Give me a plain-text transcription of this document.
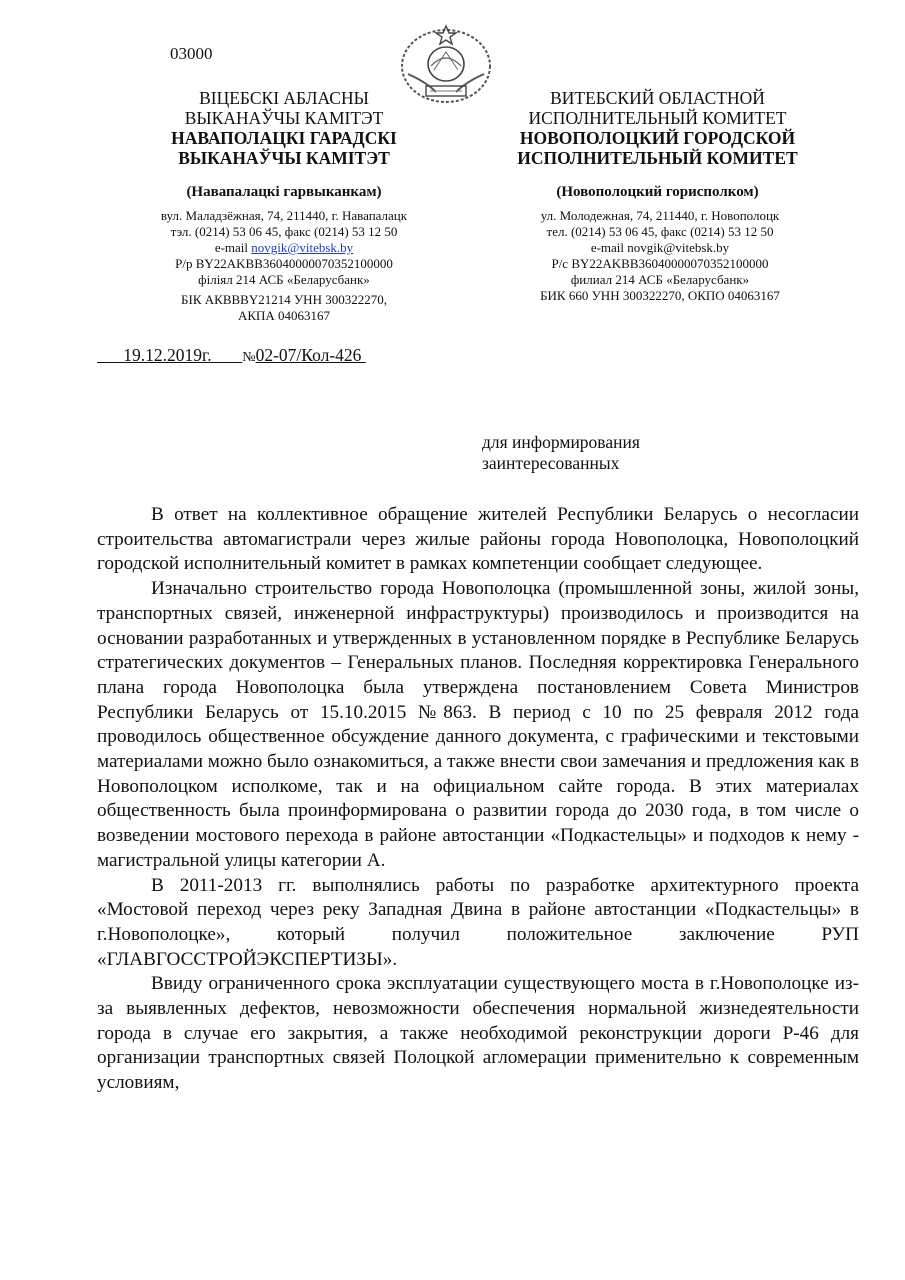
03000
ВІЦЕБСКІ АБЛАСНЫ
ВЫКАНАЎЧЫ КАМІТЭТ
НАВАПОЛАЦКІ ГАРАДСКІ
ВЫКАНАЎЧЫ КАМІТЭТ
(Навапалацкі гарвыканкам)
ВИТЕБСКИЙ ОБЛАСТНОЙ
ИСПОЛНИТЕЛЬНЫЙ КОМИТЕТ
НОВОПОЛОЦКИЙ ГОРОДСКОЙ
ИСПОЛНИТЕЛЬНЫЙ КОМИТЕТ
(Новополоцкий горисполком)
вул. Маладзёжная, 74, 211440, г. Навапалацк
тэл. (0214) 53 06 45, факс (0214) 53 12 50
e-mail novgik@vitebsk.by
Р/р BY22AKBB36040000070352100000
філіял 214 АСБ «Беларусбанк»
БІК АКВВВY21214 УНН 300322270,
АКПА 04063167
ул. Молодежная, 74, 211440, г. Новополоцк
тел. (0214) 53 06 45, факс (0214) 53 12 50
e-mail novgik@vitebsk.by
Р/с BY22AKBB36040000070352100000
филиал 214 АСБ «Беларусбанк»
БИК 660 УНН 300322270, ОКПО 04063167
19.12.2019г. №02-07/Кол-426
для информирования
заинтересованных

В ответ на коллективное обращение жителей Республики Беларусь о несогласии строительства автомагистрали через жилые районы города Новополоцка, Новополоцкий городской исполнительный комитет в рамках компетенции сообщает следующее.

Изначально строительство города Новополоцка (промышленной зоны, жилой зоны, транспортных связей, инженерной инфраструктуры) производилось и производится на основании разработанных и утвержденных в установленном порядке в Республике Беларусь стратегических документов – Генеральных планов. Последняя корректировка Генерального плана города Новополоцка была утверждена постановлением Совета Министров Республики Беларусь от 15.10.2015 №863. В период с 10 по 25 февраля 2012 года проводилось общественное обсуждение данного документа, с графическими и текстовыми материалами можно было ознакомиться, а также внести свои замечания и предложения как в Новополоцком исполкоме, так и на официальном сайте города. В этих материалах общественность была проинформирована о развитии города до 2030 года, в том числе о возведении мостового перехода в районе автостанции «Подкастельцы» и подходов к нему - магистральной улицы категории А.

В 2011-2013 гг. выполнялись работы по разработке архитектурного проекта «Мостовой переход через реку Западная Двина в районе автостанции «Подкастельцы» в г.Новополоцке», который получил положительное заключение РУП «ГЛАВГОССТРОЙЭКСПЕРТИЗЫ».

Ввиду ограниченного срока эксплуатации существующего моста в г.Новополоцке из-за выявленных дефектов, невозможности обеспечения нормальной жизнедеятельности города в случае его закрытия, а также необходимой реконструкции дороги Р-46 для организации транспортных связей Полоцкой агломерации применительно к современным условиям,
